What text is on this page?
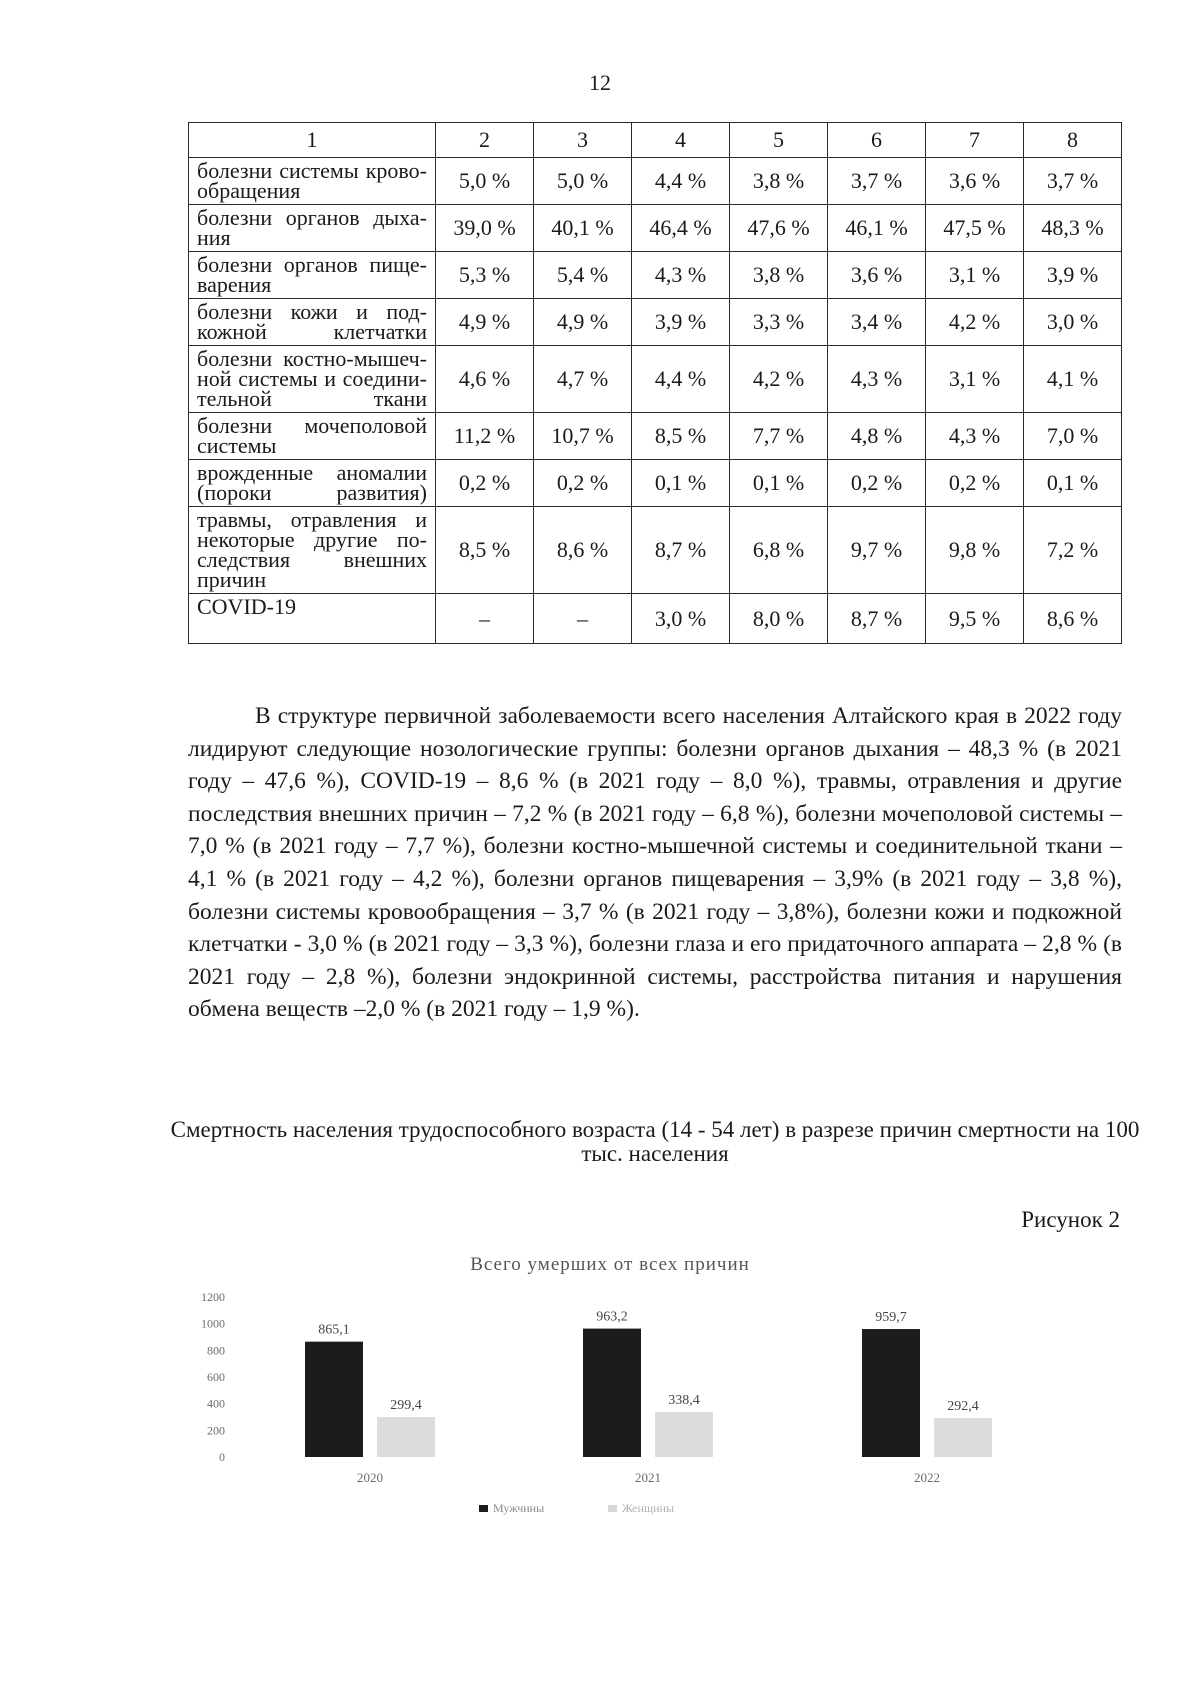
12
1	2	3	4	5	6	7	8
болезни системы крово-обращения	5,0 %	5,0 %	4,4 %	3,8 %	3,7 %	3,6 %	3,7 %
болезни органов дыха-ния	39,0 %	40,1 %	46,4 %	47,6 %	46,1 %	47,5 %	48,3 %
болезни органов пище-варения	5,3 %	5,4 %	4,3 %	3,8 %	3,6 %	3,1 %	3,9 %
болезни кожи и под-кожной клетчатки	4,9 %	4,9 %	3,9 %	3,3 %	3,4 %	4,2 %	3,0 %
болезни костно-мышеч-ной системы и соедини-тельной ткани	4,6 %	4,7 %	4,4 %	4,2 %	4,3 %	3,1 %	4,1 %
болезни мочеполовой системы	11,2 %	10,7 %	8,5 %	7,7 %	4,8 %	4,3 %	7,0 %
врожденные аномалии (пороки развития)	0,2 %	0,2 %	0,1 %	0,1 %	0,2 %	0,2 %	0,1 %
травмы, отравления и некоторые другие по-следствия внешних причин	8,5 %	8,6 %	8,7 %	6,8 %	9,7 %	9,8 %	7,2 %
COVID-19	–	–	3,0 %	8,0 %	8,7 %	9,5 %	8,6 %
В структуре первичной заболеваемости всего населения Алтайского края в 2022 году лидируют следующие нозологические группы: болезни органов дыхания – 48,3 % (в 2021 году – 47,6 %), COVID-19 – 8,6 % (в 2021 году – 8,0 %), травмы, отравления и другие последствия внешних причин – 7,2 % (в 2021 году – 6,8 %), болезни мочеполовой системы – 7,0 % (в 2021 году – 7,7 %), болезни костно-мышечной системы и соединительной ткани – 4,1 % (в 2021 году – 4,2 %), болезни органов пищеварения – 3,9% (в 2021 году – 3,8 %), болезни системы кровообращения – 3,7 % (в 2021 году – 3,8%), болезни кожи и подкожной клетчатки - 3,0 % (в 2021 году – 3,3 %), болезни глаза и его придаточного аппарата – 2,8 % (в 2021 году – 2,8 %), болезни эндокринной системы, расстройства питания и нарушения обмена веществ –2,0 % (в 2021 году – 1,9 %).
Смертность населения трудоспособного возраста (14 - 54 лет) в разрезе причин смертности на 100 тыс. населения
Рисунок 2
Всего умерших от всех причин
0
200
400
600
800
1000
1200
865,1
299,4
2020
963,2
338,4
2021
959,7
292,4
2022
Мужчины	Женщины
